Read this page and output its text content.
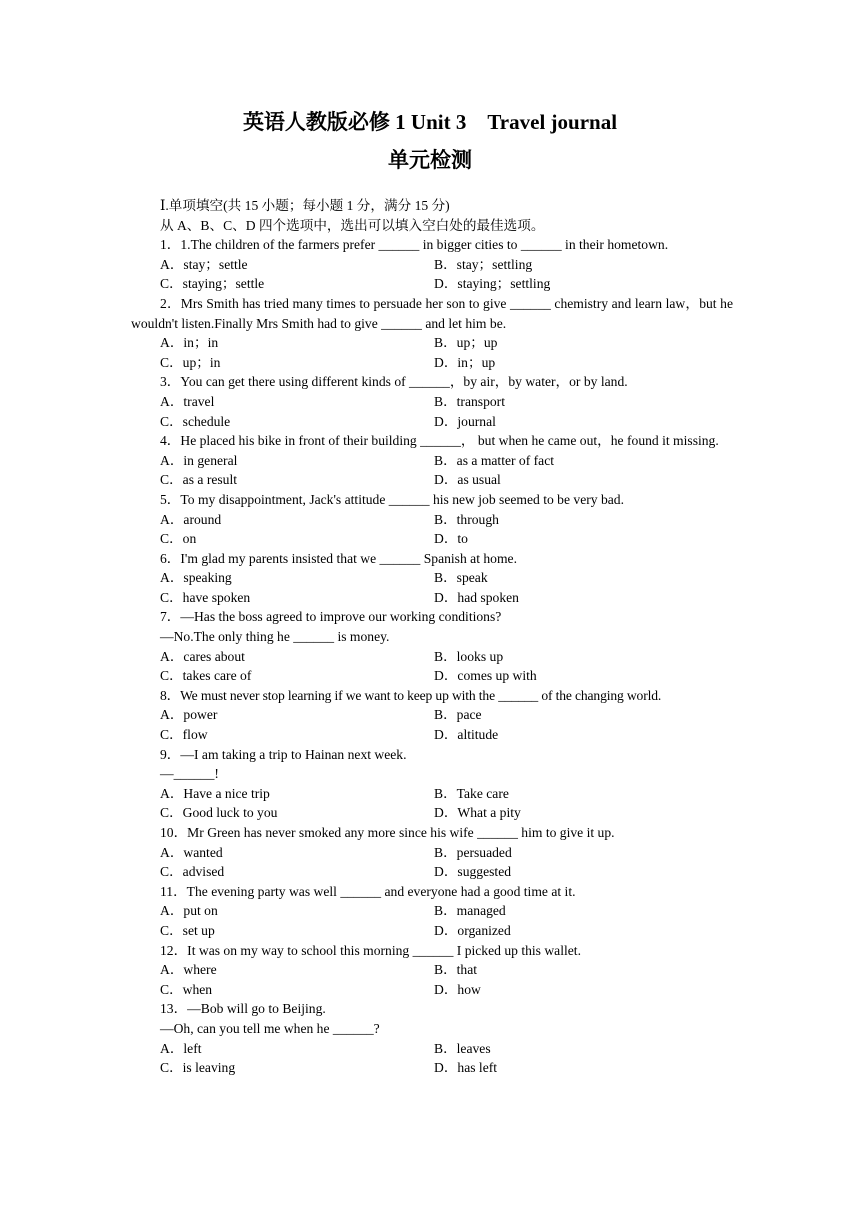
英语人教版必修 1 Unit 3　Travel journal
单元检测
Ⅰ.单项填空(共 15 小题；每小题 1 分，满分 15 分)
从 A、B、C、D 四个选项中，选出可以填入空白处的最佳选项。
1．1.The children of the farmers prefer ______ in bigger cities to ______ in their hometown.
A．stay；settle	B．stay；settling
C．staying；settle	D．staying；settling
2．Mrs Smith has tried many times to persuade her son to give ______ chemistry and learn law，but he wouldn't listen.Finally Mrs Smith had to give ______ and let him be.
A．in；in	B．up；up
C．up；in	D．in；up
3．You can get there using different kinds of ______，by air，by water，or by land.
A．travel	B．transport
C．schedule	D．journal
4．He placed his bike in front of their building ______， but when he came out，he found it missing.
A．in general	B．as a matter of fact
C．as a result	D．as usual
5．To my disappointment, Jack's attitude ______ his new job seemed to be very bad.
A．around	B．through
C．on	D．to
6．I'm glad my parents insisted that we ______ Spanish at home.
A．speaking	B．speak
C．have spoken	D．had spoken
7．—Has the boss agreed to improve our working conditions?
—No.The only thing he ______ is money.
A．cares about	B．looks up
C．takes care of	D．comes up with
8．We must never stop learning if we want to keep up with the ______ of the changing world.
A．power	B．pace
C．flow	D．altitude
9．—I am taking a trip to Hainan next week.
—______!
A．Have a nice trip	B．Take care
C．Good luck to you	D．What a pity
10．Mr Green has never smoked any more since his wife ______ him to give it up.
A．wanted	B．persuaded
C．advised	D．suggested
11．The evening party was well ______ and everyone had a good time at it.
A．put on	B．managed
C．set up	D．organized
12．It was on my way to school this morning ______ I picked up this wallet.
A．where	B．that
C．when	D．how
13．—Bob will go to Beijing.
—Oh, can you tell me when he ______?
A．left	B．leaves
C．is leaving	D．has left
